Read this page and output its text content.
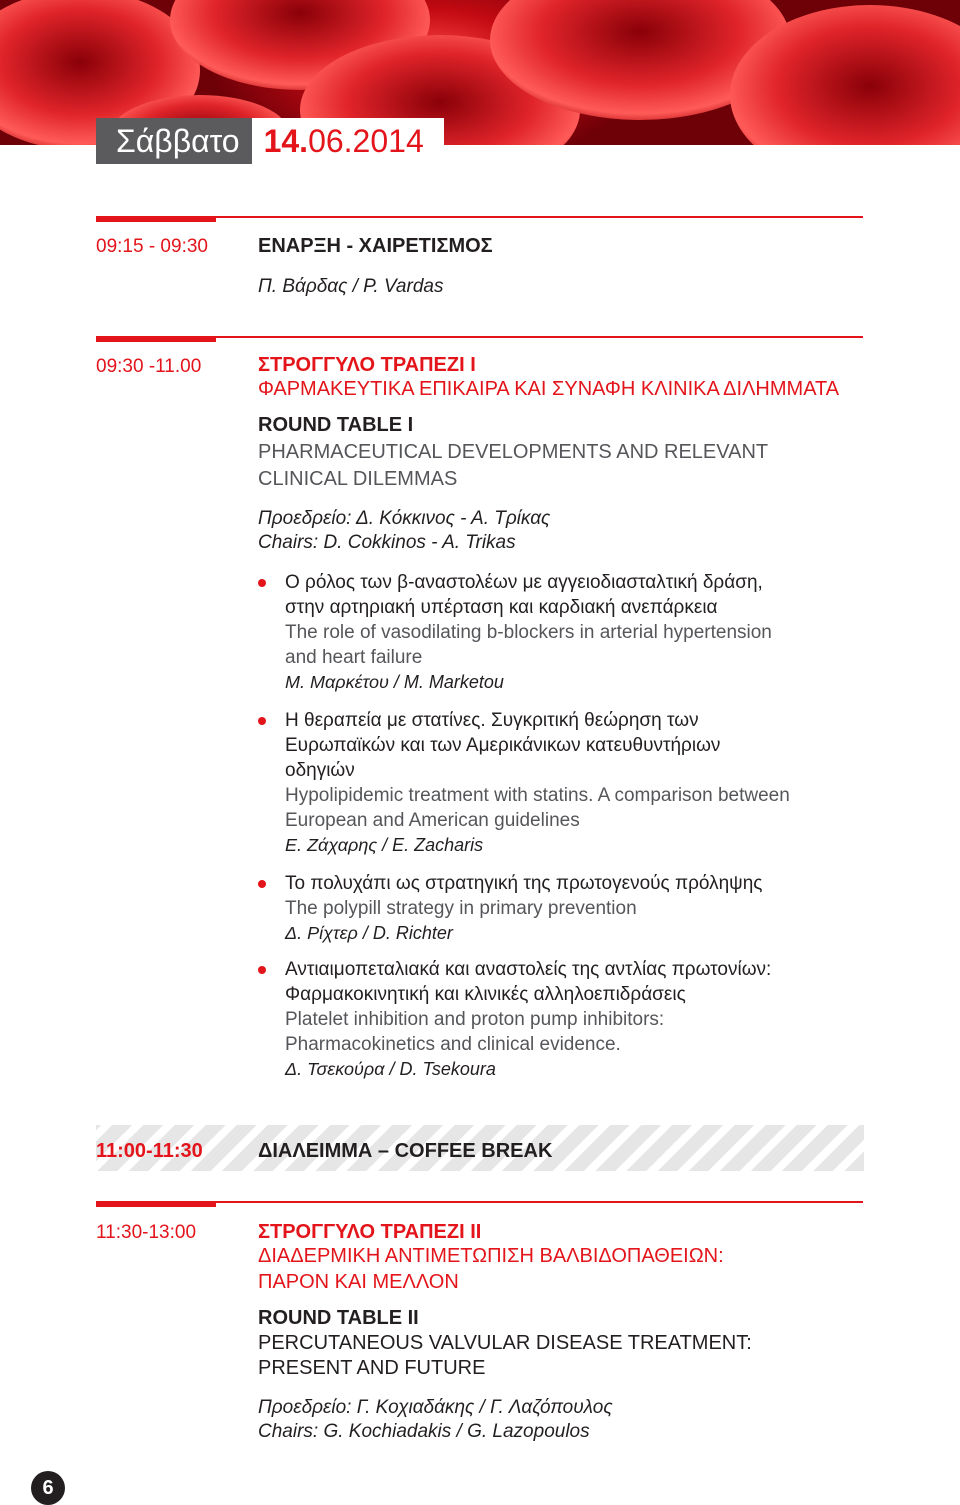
Σάββατο 14.06.2014
09:15 - 09:30	ΕΝΑΡΞΗ - ΧΑΙΡΕΤΙΣΜΟΣ
Π. Βάρδας / P. Vardas
09:30 -11.00	ΣΤΡΟΓΓΥΛΟ ΤΡΑΠΕΖΙ Ι
ΦΑΡΜΑΚΕΥΤΙΚΑ ΕΠΙΚΑΙΡΑ ΚΑΙ ΣΥΝΑΦΗ ΚΛΙΝΙΚΑ ΔΙΛΗΜΜΑΤΑ
ROUND TABLE I
PHARMACEUTICAL DEVELOPMENTS AND RELEVANT
CLINICAL DILEMMAS
Προεδρείο: Δ. Κόκκινος - Α. Τρίκας
Chairs: D. Cokkinos - A. Trikas
Ο ρόλος των β-αναστολέων με αγγειοδιασταλτική δράση,
στην αρτηριακή υπέρταση και καρδιακή ανεπάρκεια
The role of vasodilating b-blockers in arterial hypertension
and heart failure
Μ. Μαρκέτου / M. Marketou
Η θεραπεία με στατίνες. Συγκριτική θεώρηση των
Ευρωπαϊκών και των Αμερικάνικων κατευθυντήριων
οδηγιών
Hypolipidemic treatment with statins. A comparison between
European and American guidelines
Ε. Ζάχαρης / E. Zacharis
Το πολυχάπι ως στρατηγική της πρωτογενούς πρόληψης
The polypill strategy in primary prevention
Δ. Ρίχτερ / D. Richter
Αντιαιμοπεταλιακά και αναστολείς της αντλίας πρωτονίων:
Φαρμακοκινητική και κλινικές αλληλοεπιδράσεις
Platelet inhibition and proton pump inhibitors:
Pharmacokinetics and clinical evidence.
Δ. Τσεκούρα / D. Tsekoura
11:00-11:30	ΔΙΑΛΕΙΜΜΑ – COFFEE BREAK
11:30-13:00	ΣΤΡΟΓΓΥΛΟ ΤΡΑΠΕΖΙ ΙΙ
ΔΙΑΔΕΡΜΙΚΗ ΑΝΤΙΜΕΤΩΠΙΣΗ ΒΑΛΒΙΔΟΠΑΘΕΙΩΝ:
ΠΑΡΟΝ ΚΑΙ ΜΕΛΛΟΝ
ROUND TABLE II
PERCUTANEOUS VALVULAR DISEASE TREATMENT:
PRESENT AND FUTURE
Προεδρείο: Γ. Κοχιαδάκης / Γ. Λαζόπουλος
Chairs: G. Kochiadakis / G. Lazopoulos
6
